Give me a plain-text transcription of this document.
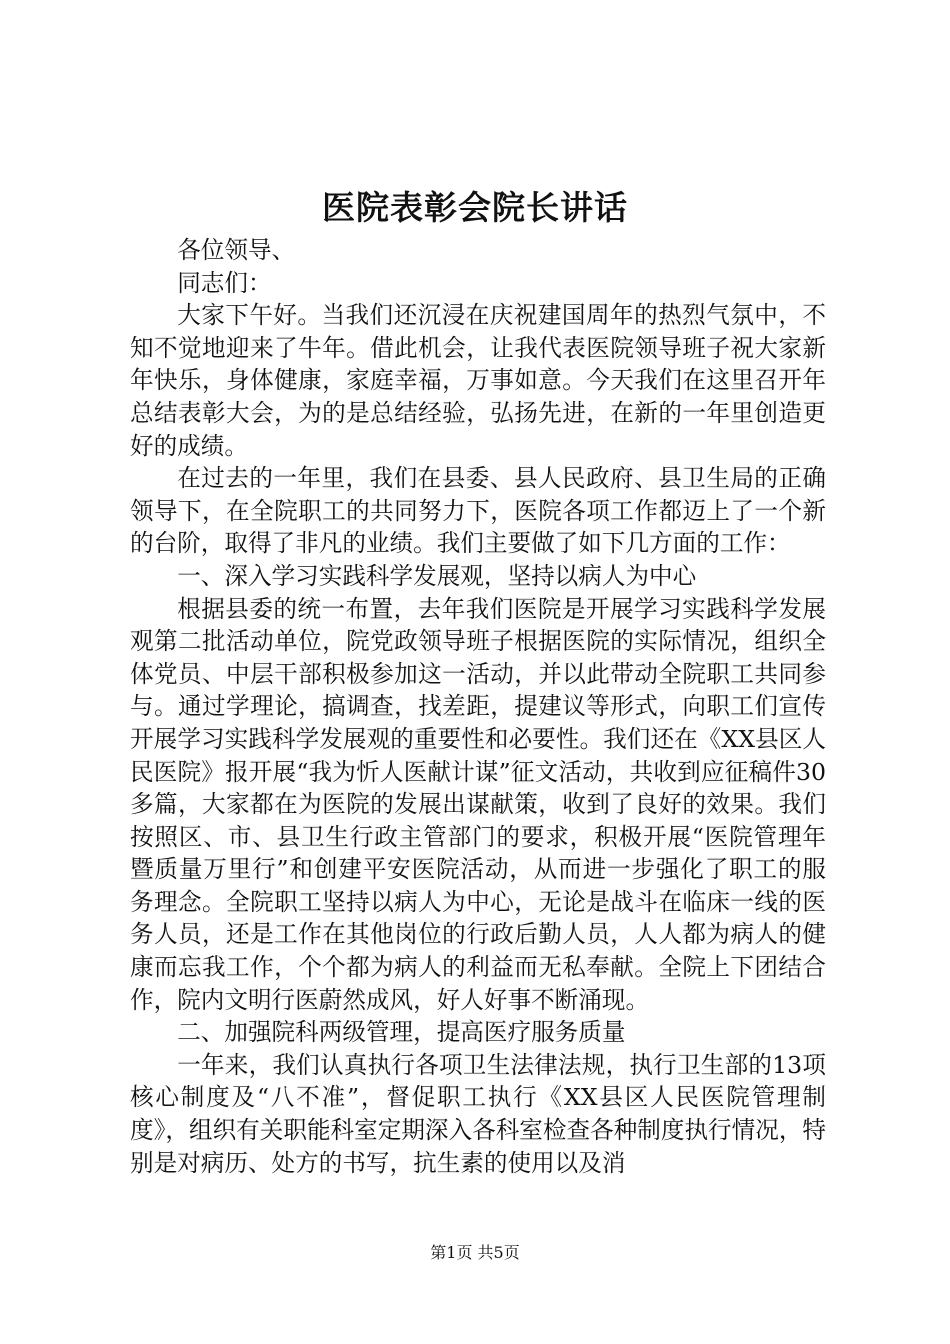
医院表彰会院长讲话

各位领导、

同志们：

大家下午好。当我们还沉浸在庆祝建国周年的热烈气氛中，不知不觉地迎来了牛年。借此机会，让我代表医院领导班子祝大家新年快乐，身体健康，家庭幸福，万事如意。今天我们在这里召开年总结表彰大会，为的是总结经验，弘扬先进，在新的一年里创造更好的成绩。

在过去的一年里，我们在县委、县人民政府、县卫生局的正确领导下，在全院职工的共同努力下，医院各项工作都迈上了一个新的台阶，取得了非凡的业绩。我们主要做了如下几方面的工作：

一、深入学习实践科学发展观，坚持以病人为中心

根据县委的统一布置，去年我们医院是开展学习实践科学发展观第二批活动单位，院党政领导班子根据医院的实际情况，组织全体党员、中层干部积极参加这一活动，并以此带动全院职工共同参与。通过学理论，搞调查，找差距，提建议等形式，向职工们宣传开展学习实践科学发展观的重要性和必要性。我们还在《XX县区人民医院》报开展“我为忻人医献计谋”征文活动，共收到应征稿件30多篇，大家都在为医院的发展出谋献策，收到了良好的效果。我们按照区、市、县卫生行政主管部门的要求，积极开展“医院管理年暨质量万里行”和创建平安医院活动，从而进一步强化了职工的服务理念。全院职工坚持以病人为中心，无论是战斗在临床一线的医务人员，还是工作在其他岗位的行政后勤人员，人人都为病人的健康而忘我工作，个个都为病人的利益而无私奉献。全院上下团结合作，院内文明行医蔚然成风，好人好事不断涌现。

二、加强院科两级管理，提高医疗服务质量

一年来，我们认真执行各项卫生法律法规，执行卫生部的13项核心制度及“八不准”，督促职工执行《XX县区人民医院管理制度》，组织有关职能科室定期深入各科室检查各种制度执行情况，特别是对病历、处方的书写，抗生素的使用以及消

第1页 共5页
